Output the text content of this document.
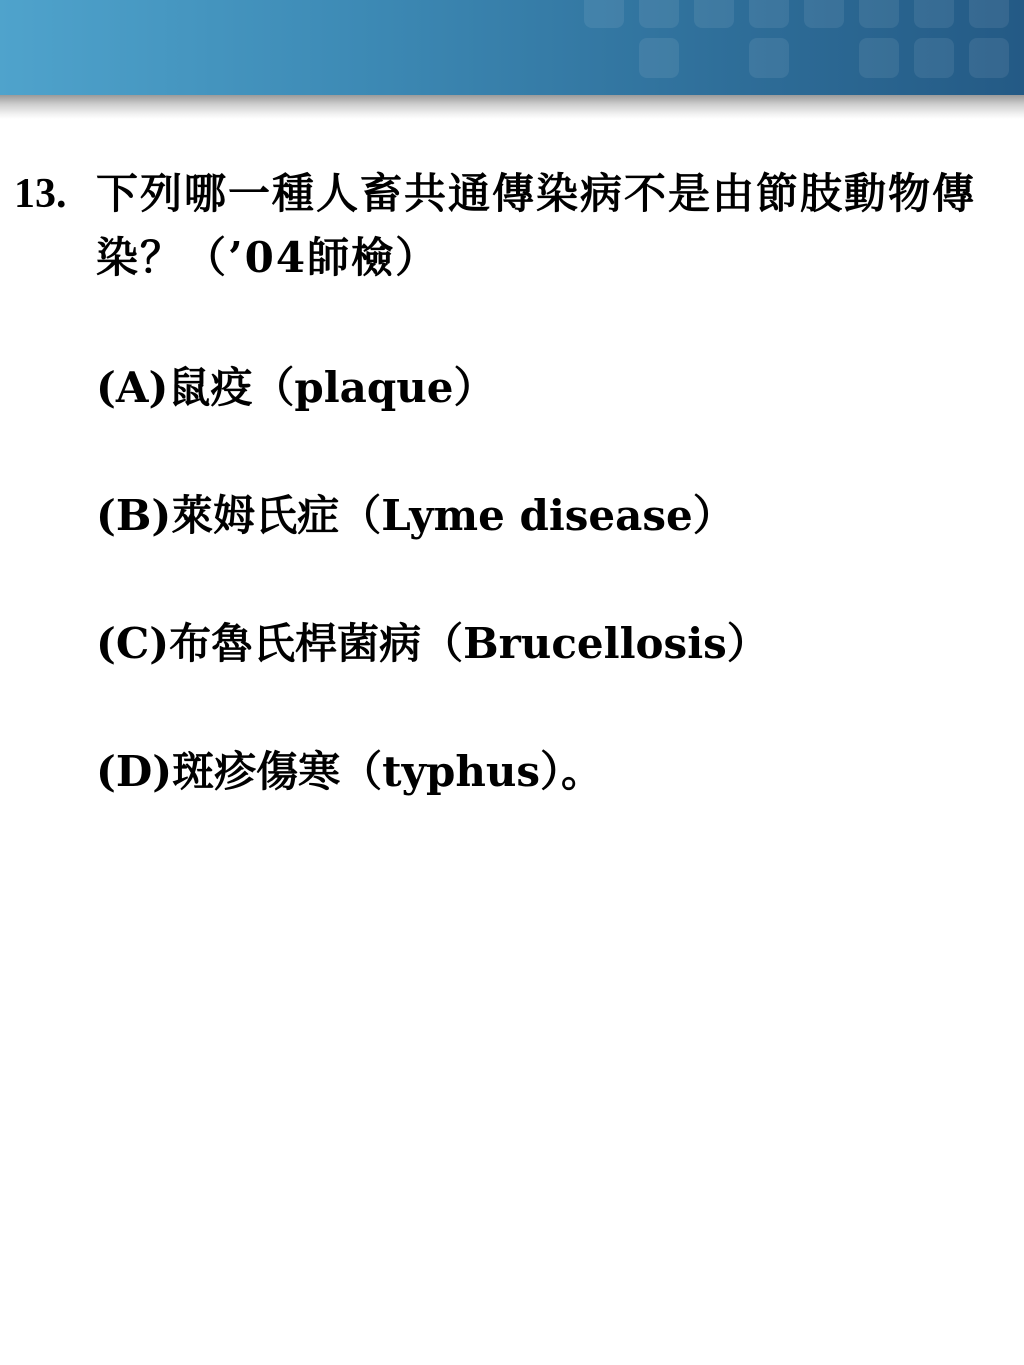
13. 下列哪一種人畜共通傳染病不是由節肢動物傳染？（’04師檢）
(A)鼠疫（plaque）
(B)萊姆氏症（Lyme disease）
(C)布魯氏桿菌病（Brucellosis）
(D)斑疹傷寒（typhus）。
